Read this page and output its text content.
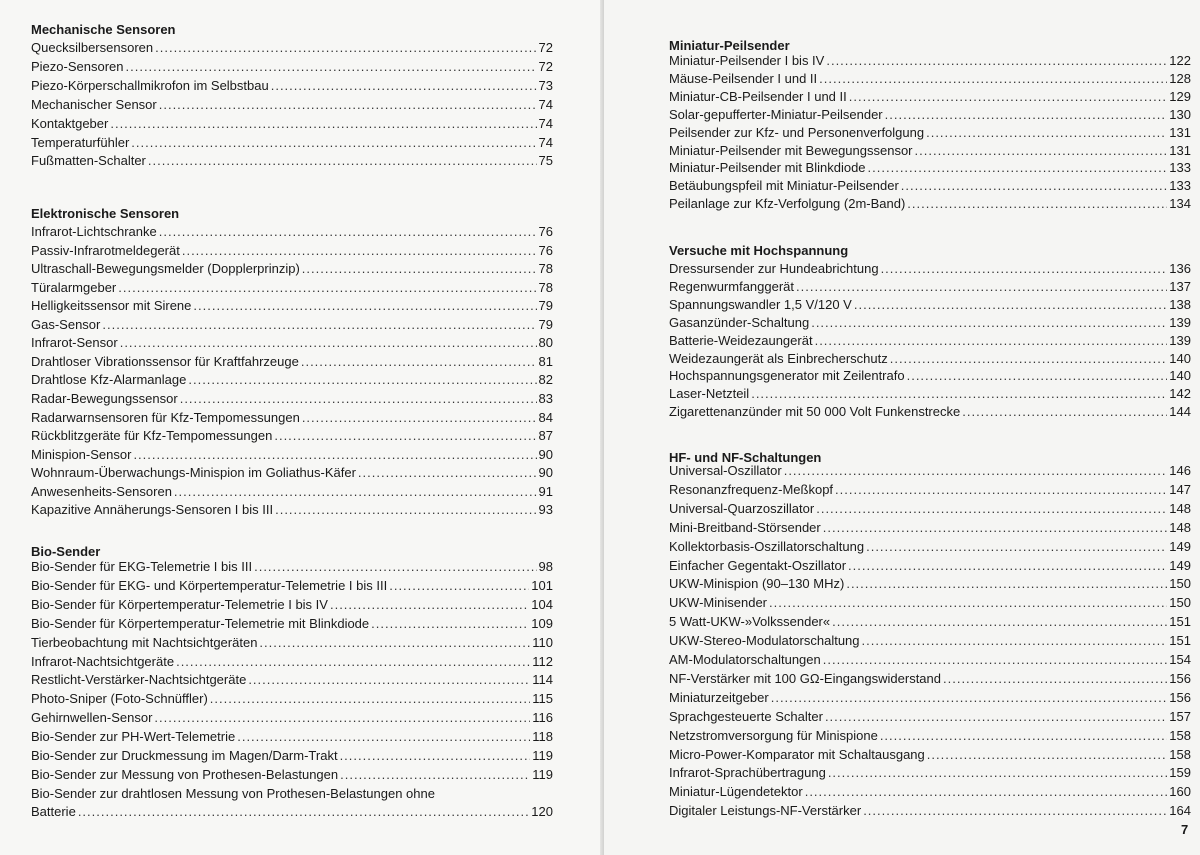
Mechanische Sensoren
Quecksilbersensoren .....	72
Piezo-Sensoren .....	72
Piezo-Körperschallmikrofon im Selbstbau .....	73
Mechanischer Sensor .....	74
Kontaktgeber .....	74
Temperaturfühler .....	74
Fußmatten-Schalter .....	75
Elektronische Sensoren
Infrarot-Lichtschranke .....	76
Passiv-Infrarotmeldegerät .....	76
Ultraschall-Bewegungsmelder (Dopplerprinzip) .....	78
Türalarmgeber .....	78
Helligkeitssensor mit Sirene .....	79
Gas-Sensor .....	79
Infrarot-Sensor .....	80
Drahtloser Vibrationssensor für Kraftfahrzeuge .....	81
Drahtlose Kfz-Alarmanlage .....	82
Radar-Bewegungssensor .....	83
Radarwarnsensoren für Kfz-Tempomessungen .....	84
Rückblitzgeräte für Kfz-Tempomessungen .....	87
Minispion-Sensor .....	90
Wohnraum-Überwachungs-Minispion im Goliathus-Käfer .....	90
Anwesenheits-Sensoren .....	91
Kapazitive Annäherungs-Sensoren I bis III .....	93
Bio-Sender
Bio-Sender für EKG-Telemetrie I bis III .....	98
Bio-Sender für EKG- und Körpertemperatur-Telemetrie I bis III .....	101
Bio-Sender für Körpertemperatur-Telemetrie I bis IV .....	104
Bio-Sender für Körpertemperatur-Telemetrie mit Blinkdiode .....	109
Tierbeobachtung mit Nachtsichtgeräten .....	110
Infrarot-Nachtsichtgeräte .....	112
Restlicht-Verstärker-Nachtsichtgeräte .....	114
Photo-Sniper (Foto-Schnüffler) .....	115
Gehirnwellen-Sensor .....	116
Bio-Sender zur PH-Wert-Telemetrie .....	118
Bio-Sender zur Druckmessung im Magen/Darm-Trakt .....	119
Bio-Sender zur Messung von Prothesen-Belastungen .....	119
Bio-Sender zur drahtlosen Messung von Prothesen-Belastungen ohne
Batterie .....	120
Miniatur-Peilsender
Miniatur-Peilsender I bis IV .....	122
Mäuse-Peilsender I und II .....	128
Miniatur-CB-Peilsender I und II .....	129
Solar-gepufferter-Miniatur-Peilsender .....	130
Peilsender zur Kfz- und Personenverfolgung .....	131
Miniatur-Peilsender mit Bewegungssensor .....	131
Miniatur-Peilsender mit Blinkdiode .....	133
Betäubungspfeil mit Miniatur-Peilsender .....	133
Peilanlage zur Kfz-Verfolgung (2m-Band) .....	134
Versuche mit Hochspannung
Dressursender zur Hundeabrichtung .....	136
Regenwurmfanggerät .....	137
Spannungswandler 1,5 V/120 V .....	138
Gasanzünder-Schaltung .....	139
Batterie-Weidezaungerät .....	139
Weidezaungerät als Einbrecherschutz .....	140
Hochspannungsgenerator mit Zeilentrafo .....	140
Laser-Netzteil .....	142
Zigarettenanzünder mit 50 000 Volt Funkenstrecke .....	144
HF- und NF-Schaltungen
Universal-Oszillator .....	146
Resonanzfrequenz-Meßkopf .....	147
Universal-Quarzoszillator .....	148
Mini-Breitband-Störsender .....	148
Kollektorbasis-Oszillatorschaltung .....	149
Einfacher Gegentakt-Oszillator .....	149
UKW-Minispion (90–130 MHz) .....	150
UKW-Minisender .....	150
5 Watt-UKW-»Volkssender« .....	151
UKW-Stereo-Modulatorschaltung .....	151
AM-Modulatorschaltungen .....	154
NF-Verstärker mit 100 GΩ-Eingangswiderstand .....	156
Miniaturzeitgeber .....	156
Sprachgesteuerte Schalter .....	157
Netzstromversorgung für Minispione .....	158
Micro-Power-Komparator mit Schaltausgang .....	158
Infrarot-Sprachübertragung .....	159
Miniatur-Lügendetektor .....	160
Digitaler Leistungs-NF-Verstärker .....	164
7
